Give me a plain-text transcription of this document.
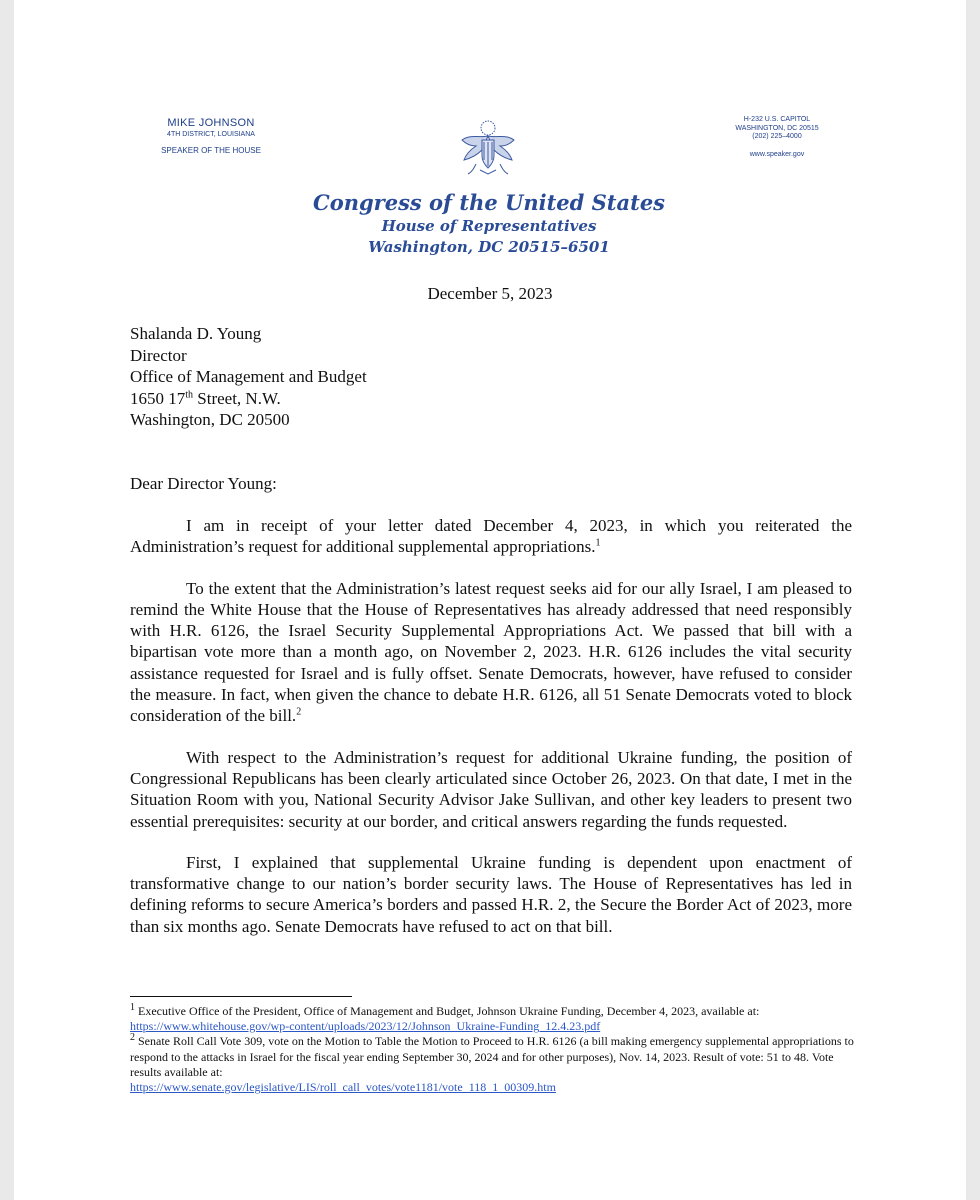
MIKE JOHNSON
4TH DISTRICT, LOUISIANA
SPEAKER OF THE HOUSE
H-232 U.S. CAPITOL
WASHINGTON, DC 20515
(202) 225–4000
www.speaker.gov
Congress of the United States
House of Representatives
Washington, DC 20515–6501
December 5, 2023
Shalanda D. Young
Director
Office of Management and Budget
1650 17th Street, N.W.
Washington, DC 20500
Dear Director Young:

I am in receipt of your letter dated December 4, 2023, in which you reiterated the Administration’s request for additional supplemental appropriations.$^1$

To the extent that the Administration’s latest request seeks aid for our ally Israel, I am pleased to remind the White House that the House of Representatives has already addressed that need responsibly with H.R. 6126, the Israel Security Supplemental Appropriations Act. We passed that bill with a bipartisan vote more than a month ago, on November 2, 2023. H.R. 6126 includes the vital security assistance requested for Israel and is fully offset. Senate Democrats, however, have refused to consider the measure. In fact, when given the chance to debate H.R. 6126, all 51 Senate Democrats voted to block consideration of the bill.$^2$

With respect to the Administration’s request for additional Ukraine funding, the position of Congressional Republicans has been clearly articulated since October 26, 2023. On that date, I met in the Situation Room with you, National Security Advisor Jake Sullivan, and other key leaders to present two essential prerequisites: security at our border, and critical answers regarding the funds requested.

First, I explained that supplemental Ukraine funding is dependent upon enactment of transformative change to our nation’s border security laws. The House of Representatives has led in defining reforms to secure America’s borders and passed H.R. 2, the Secure the Border Act of 2023, more than six months ago. Senate Democrats have refused to act on that bill.

$^1$ Executive Office of the President, Office of Management and Budget, Johnson Ukraine Funding, December 4, 2023, available at:
https://www.whitehouse.gov/wp-content/uploads/2023/12/Johnson_Ukraine-Funding_12.4.23.pdf
$^2$ Senate Roll Call Vote 309, vote on the Motion to Table the Motion to Proceed to H.R. 6126 (a bill making emergency supplemental appropriations to respond to the attacks in Israel for the fiscal year ending September 30, 2024 and for other purposes), Nov. 14, 2023. Result of vote: 51 to 48. Vote results available at:
https://www.senate.gov/legislative/LIS/roll_call_votes/vote1181/vote_118_1_00309.htm
